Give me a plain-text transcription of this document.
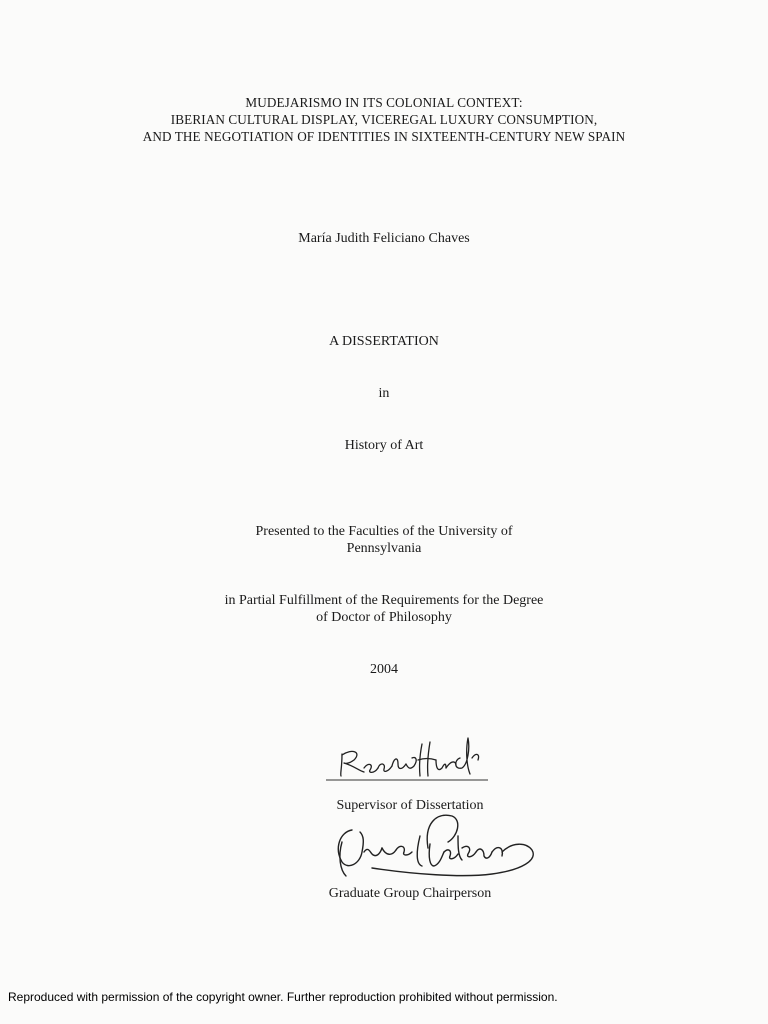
MUDEJARISMO IN ITS COLONIAL CONTEXT:
IBERIAN CULTURAL DISPLAY, VICEREGAL LUXURY CONSUMPTION,
AND THE NEGOTIATION OF IDENTITIES IN SIXTEENTH-CENTURY NEW SPAIN
María Judith Feliciano Chaves
A DISSERTATION
in
History of Art
Presented to the Faculties of the University of
Pennsylvania
in Partial Fulfillment of the Requirements for the Degree
of Doctor of Philosophy
2004
Supervisor of Dissertation
Graduate Group Chairperson
Reproduced with permission of the copyright owner. Further reproduction prohibited without permission.
